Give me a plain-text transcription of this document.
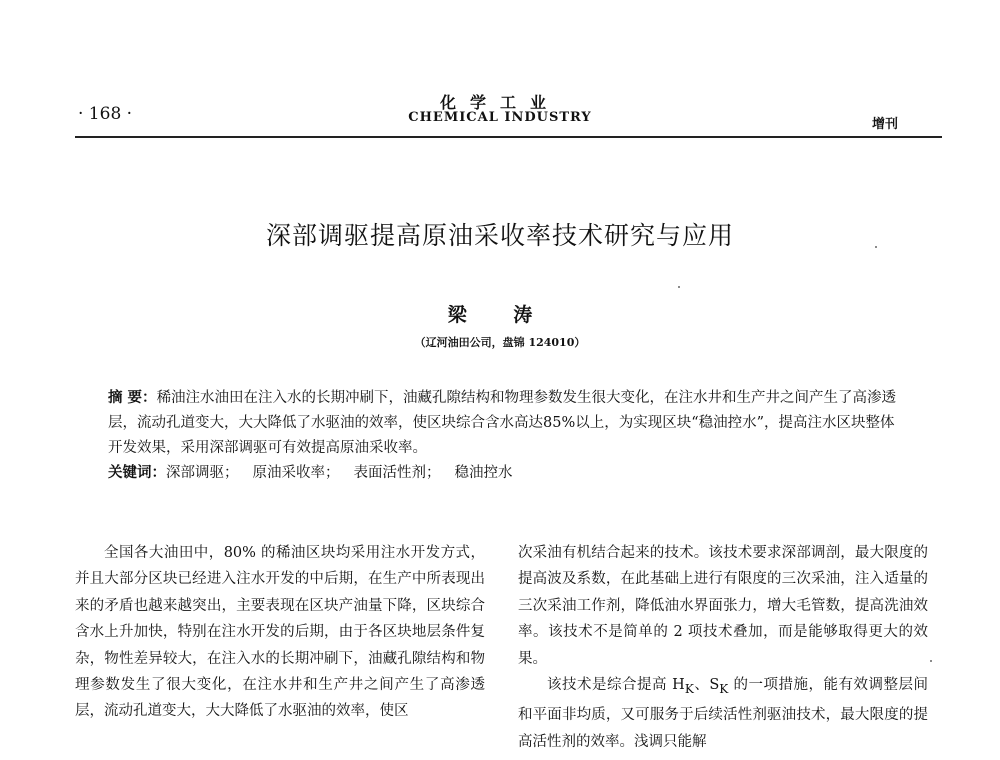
化学工业
CHEMICAL INDUSTRY
· 168 ·
增刊
深部调驱提高原油采收率技术研究与应用
梁 涛
（辽河油田公司，盘锦 124010）
摘 要：稀油注水油田在注入水的长期冲刷下，油藏孔隙结构和物理参数发生很大变化，在注水井和生产井之间产生了高渗透层，流动孔道变大，大大降低了水驱油的效率，使区块综合含水高达85%以上，为实现区块“稳油控水”，提高注水区块整体开发效果，采用深部调驱可有效提高原油采收率。
关键词：深部调驱； 原油采收率； 表面活性剂； 稳油控水
全国各大油田中，80% 的稀油区块均采用注水开发方式，并且大部分区块已经进入注水开发的中后期，在生产中所表现出来的矛盾也越来越突出，主要表现在区块产油量下降，区块综合含水上升加快，特别在注水开发的后期，由于各区块地层条件复杂，物性差异较大，在注入水的长期冲刷下，油藏孔隙结构和物理参数发生了很大变化，在注水井和生产井之间产生了高渗透层，流动孔道变大，大大降低了水驱油的效率，使区
次采油有机结合起来的技术。该技术要求深部调剖，最大限度的提高波及系数，在此基础上进行有限度的三次采油，注入适量的三次采油工作剂，降低油水界面张力，增大毛管数，提高洗油效率。该技术不是简单的 2 项技术叠加，而是能够取得更大的效果。
该技术是综合提高 $H_K$、$S_K$ 的一项措施，能有效调整层间和平面非均质，又可服务于后续活性剂驱油技术，最大限度的提高活性剂的效率。浅调只能解
